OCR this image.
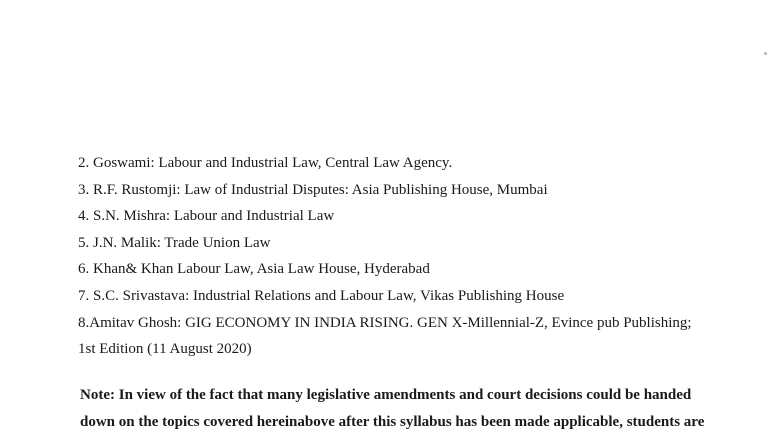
2. Goswami: Labour and Industrial Law, Central Law Agency.
3. R.F. Rustomji: Law of Industrial Disputes: Asia Publishing House, Mumbai
4. S.N. Mishra: Labour and Industrial Law
5. J.N. Malik: Trade Union Law
6. Khan& Khan Labour Law, Asia Law House, Hyderabad
7. S.C. Srivastava: Industrial Relations and Labour Law, Vikas Publishing House
8.Amitav Ghosh: GIG ECONOMY IN INDIA RISING. GEN X-Millennial-Z, Evince pub Publishing;
1st Edition (11 August 2020)
Note: In view of the fact that many legislative amendments and court decisions could be handed
down on the topics covered hereinabove after this syllabus has been made applicable, students are
